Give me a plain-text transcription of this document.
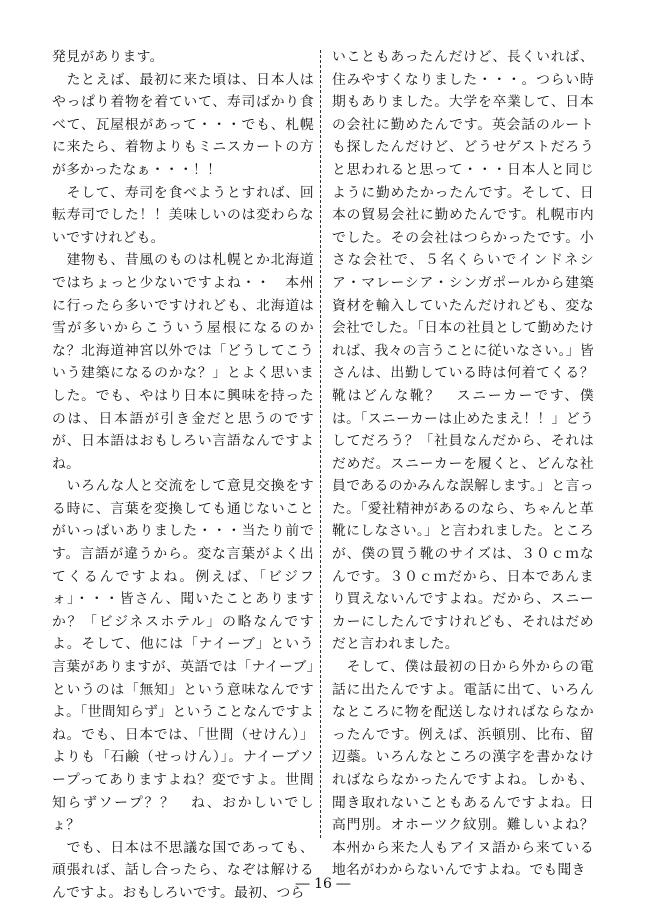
発見があります。

　たとえば、最初に来た頃は、日本人はやっぱり着物を着ていて、寿司ばかり食べて、瓦屋根があって・・・でも、札幌に来たら、着物よりもミニスカートの方が多かったなぁ・・・！！

　そして、寿司を食べようとすれば、回転寿司でした！！美味しいのは変わらないですけれども。

　建物も、昔風のものは札幌とか北海道ではちょっと少ないですよね・・　本州に行ったら多いですけれども、北海道は雪が多いからこういう屋根になるのかな？北海道神宮以外では「どうしてこういう建築になるのかな？」とよく思いました。でも、やはり日本に興味を持ったのは、日本語が引き金だと思うのですが、日本語はおもしろい言語なんですよね。

　いろんな人と交流をして意見交換をする時に、言葉を変換しても通じないことがいっぱいありました・・・当たり前です。言語が違うから。変な言葉がよく出てくるんですよね。例えば、「ビジフォ」・・・皆さん、聞いたことありますか？「ビジネスホテル」の略なんですよ。そして、他には「ナイーブ」という言葉がありますが、英語では「ナイーブ」というのは「無知」という意味なんですよ。「世間知らず」ということなんですよね。でも、日本では、「世間（せけん）」よりも「石鹸（せっけん）」。ナイーブソープってありますよね？変ですよ。世間知らずソープ？？　ね、おかしいでしょ？

　でも、日本は不思議な国であっても、頑張れば、話し合ったら、なぞは解けるんですよ。おもしろいです。最初、つら

いこともあったんだけど、長くいれば、住みやすくなりました・・・。つらい時期もありました。大学を卒業して、日本の会社に勤めたんです。英会話のルートも探したんだけど、どうせゲストだろうと思われると思って・・・日本人と同じように勤めたかったんです。そして、日本の貿易会社に勤めたんです。札幌市内でした。その会社はつらかったです。小さな会社で、５名くらいでインドネシア・マレーシア・シンガポールから建築資材を輸入していたんだけれども、変な会社でした。「日本の社員として勤めたければ、我々の言うことに従いなさい。」皆さんは、出勤している時は何着てくる？靴はどんな靴？　スニーカーです、僕は。「スニーカーは止めたまえ！！」どうしてだろう？「社員なんだから、それはだめだ。スニーカーを履くと、どんな社員であるのかみんな誤解します。」と言った。「愛社精神があるのなら、ちゃんと革靴にしなさい。」と言われました。ところが、僕の買う靴のサイズは、３０ｃｍなんです。３０ｃｍだから、日本であんまり買えないんですよね。だから、スニーカーにしたんですけれども、それはだめだと言われました。

　そして、僕は最初の日から外からの電話に出たんですよ。電話に出て、いろんなところに物を配送しなければならなかったんです。例えば、浜頓別、比布、留辺蘂。いろんなところの漢字を書かなければならなかったんですよね。しかも、聞き取れないこともあるんですよね。日高門別。オホーツク紋別。難しいよね？本州から来た人もアイヌ語から来ている地名がわからないんですよね。でも聞き

― 16 ―
